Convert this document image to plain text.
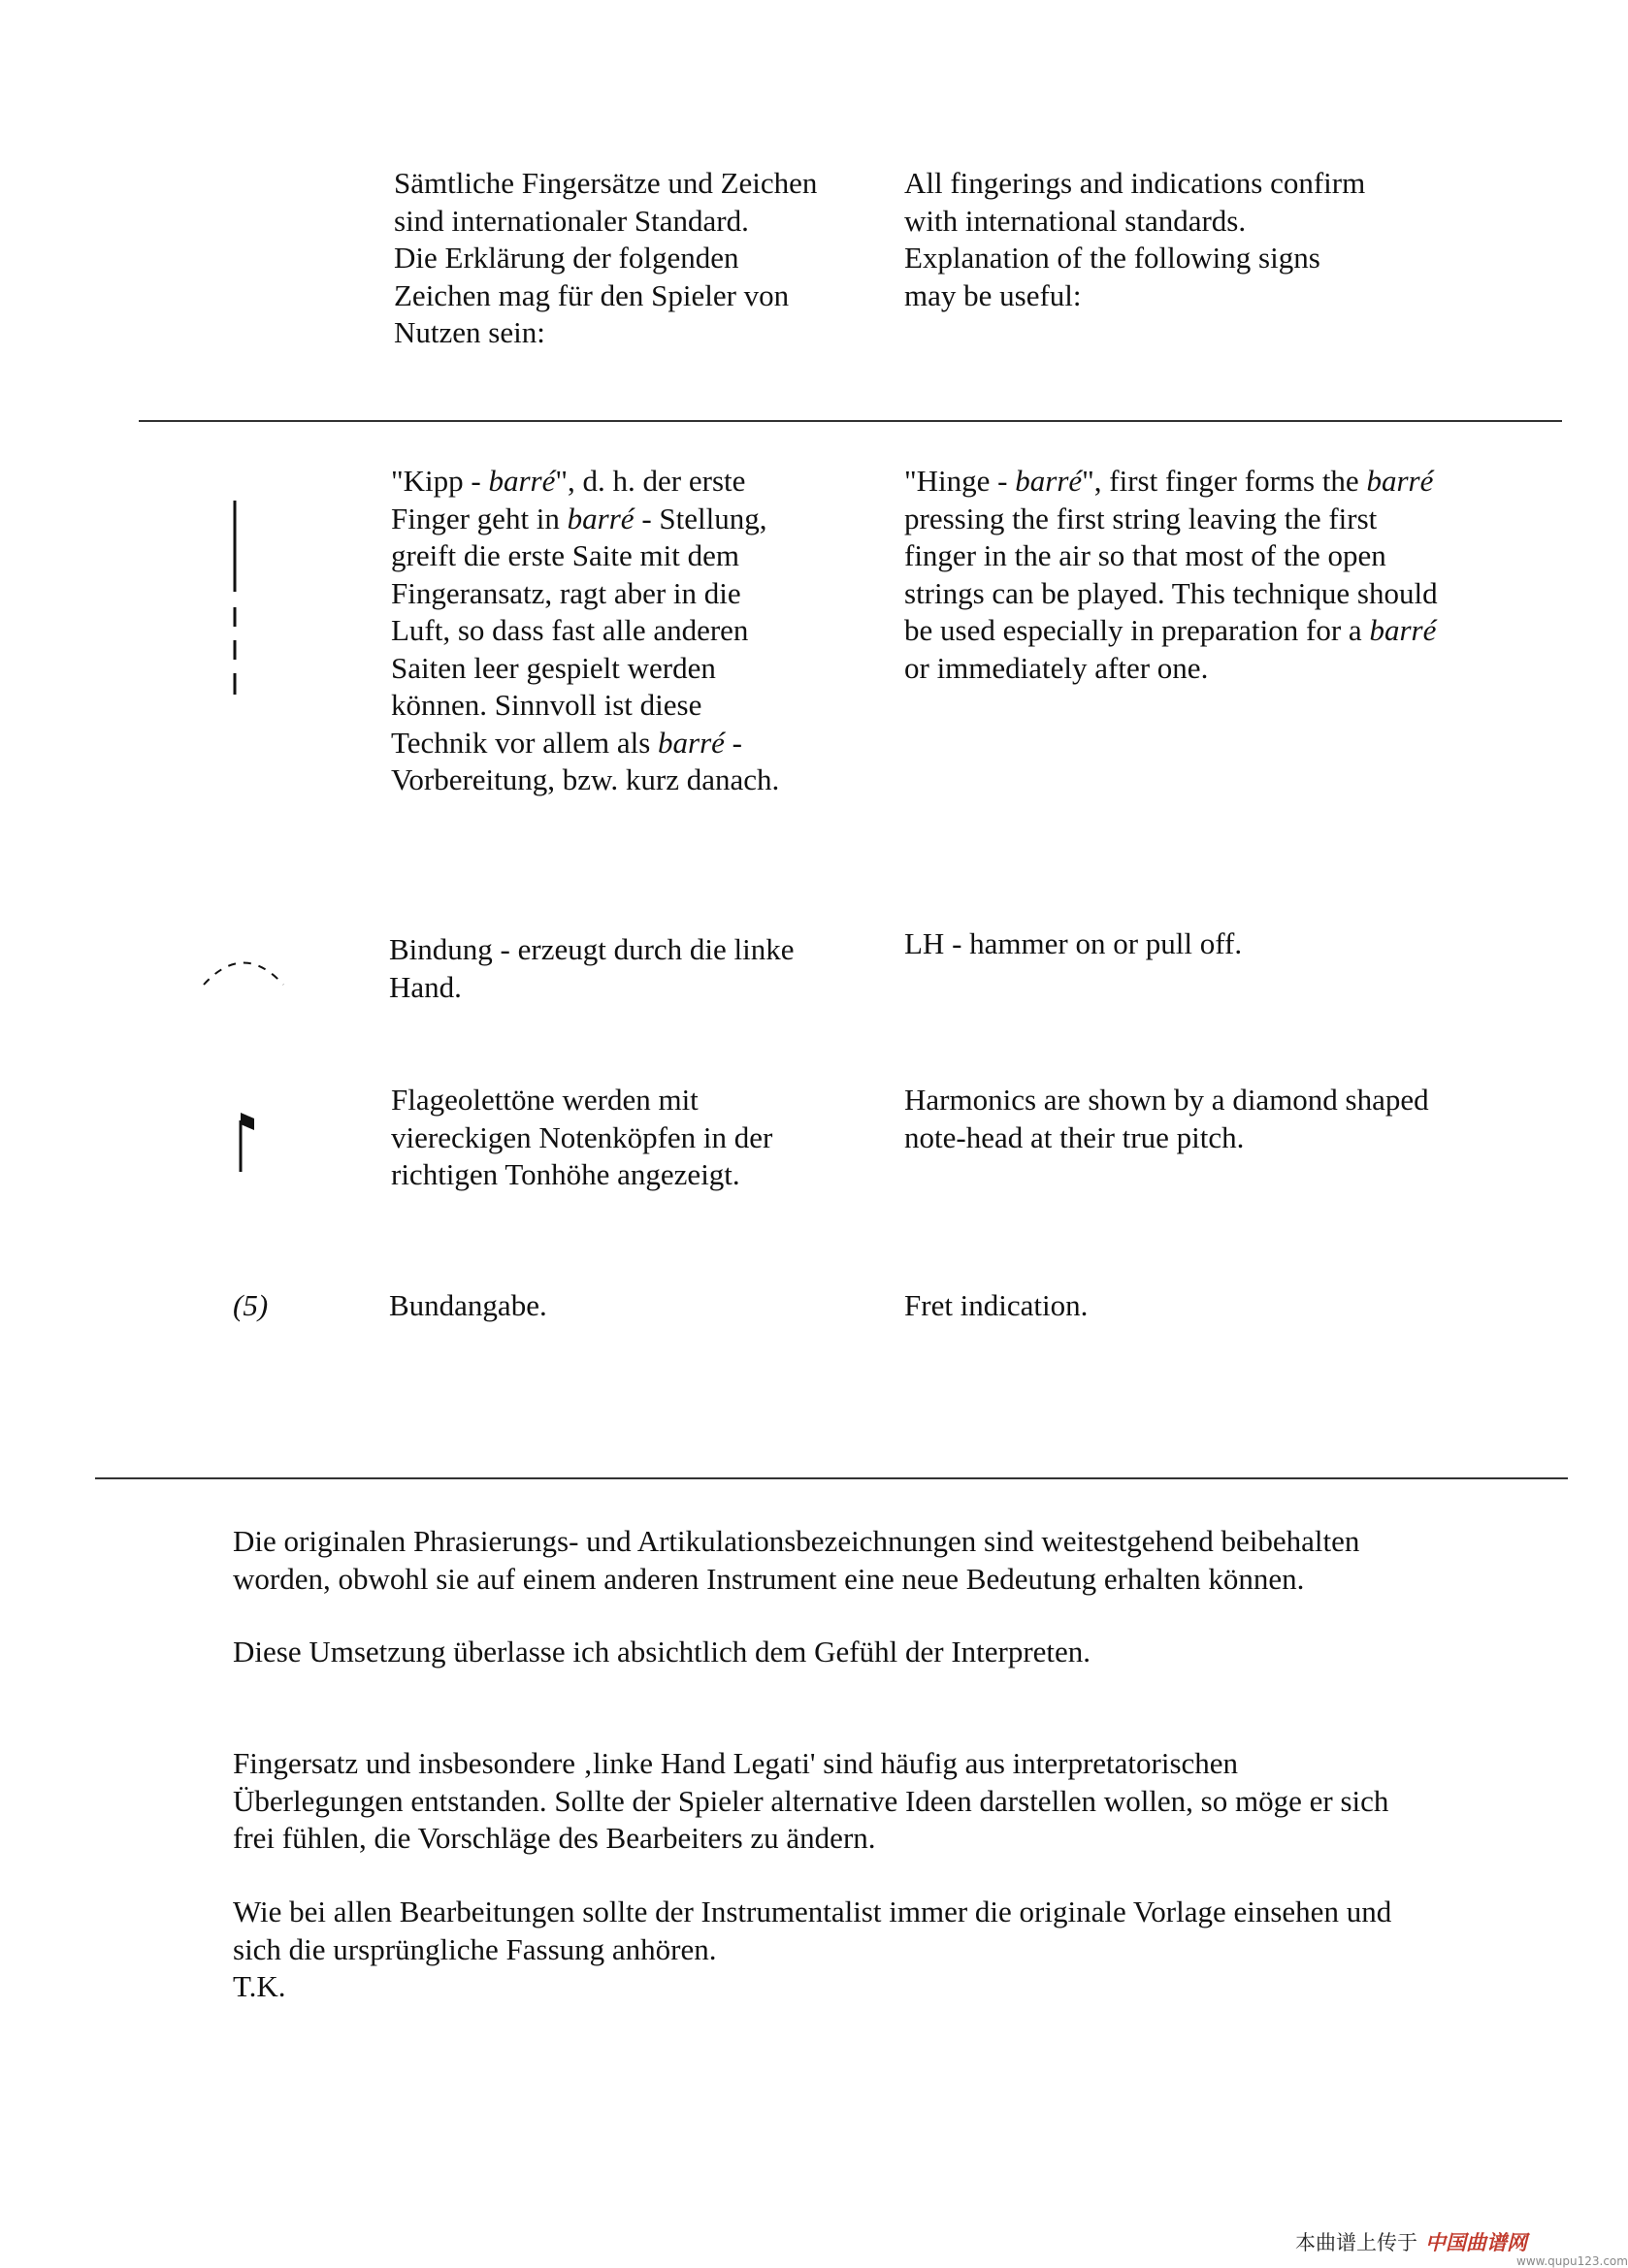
Sämtliche Fingersätze und Zeichen
sind internationaler Standard.
Die Erklärung der folgenden
Zeichen mag für den Spieler von
Nutzen sein:

All fingerings and indications confirm
with international standards.
Explanation of the following signs
may be useful:

"Kipp - barré", d. h. der erste
Finger geht in barré - Stellung,
greift die erste Saite mit dem
Fingeransatz, ragt aber in die
Luft, so dass fast alle anderen
Saiten leer gespielt werden
können. Sinnvoll ist diese
Technik vor allem als barré -
Vorbereitung, bzw. kurz danach.

"Hinge - barré", first finger forms the barré
pressing the first string leaving the first
finger in the air so that most of the open
strings can be played. This technique should
be used especially in preparation for a barré
or immediately after one.

Bindung - erzeugt durch die linke
Hand.

LH - hammer on or pull off.

Flageolettöne werden mit
viereckigen Notenköpfen in der
richtigen Tonhöhe angezeigt.

Harmonics are shown by a diamond shaped
note-head at their true pitch.

(5)	Bundangabe.	Fret indication.

Die originalen Phrasierungs- und Artikulationsbezeichnungen sind weitestgehend beibehalten
worden, obwohl sie auf einem anderen Instrument eine neue Bedeutung erhalten können.

Diese Umsetzung überlasse ich absichtlich dem Gefühl der Interpreten.

Fingersatz und insbesondere ‚linke Hand Legati' sind häufig aus interpretatorischen
Überlegungen entstanden. Sollte der Spieler alternative Ideen darstellen wollen, so möge er sich
frei fühlen, die Vorschläge des Bearbeiters zu ändern.

Wie bei allen Bearbeitungen sollte der Instrumentalist immer die originale Vorlage einsehen und
sich die ursprüngliche Fassung anhören.
T.K.

本曲谱上传于 中国曲谱网
www.qupu123.com
